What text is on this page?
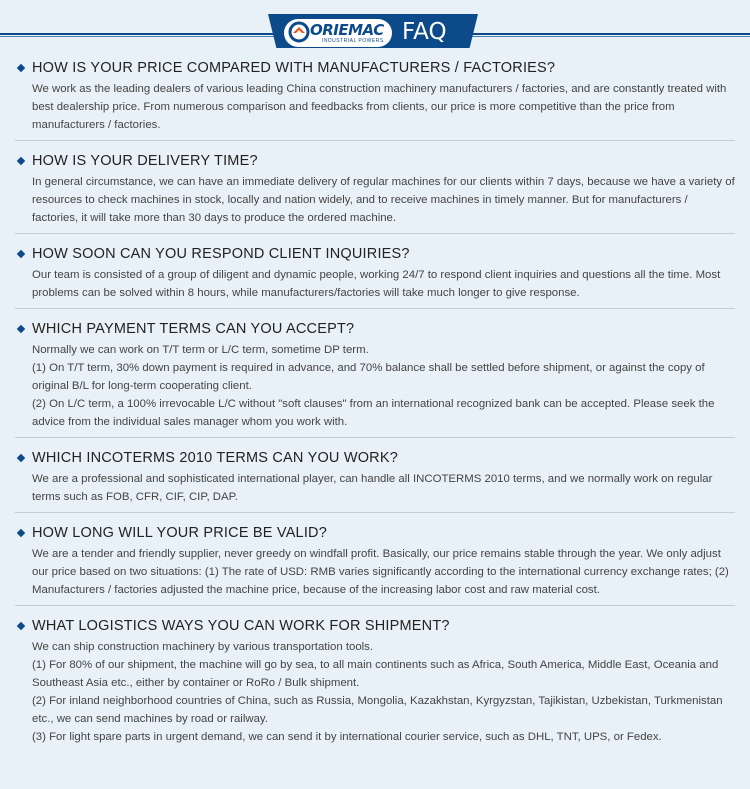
ORIEMAC
INDUSTRIAL POWERS FAQ
HOW IS YOUR PRICE COMPARED WITH MANUFACTURERS / FACTORIES?

We work as the leading dealers of various leading China construction machinery manufacturers / factories, and are constantly treated with best dealership price. From numerous comparison and feedbacks from clients, our price is more competitive than the price from manufacturers / factories.

HOW IS YOUR DELIVERY TIME?

In general circumstance, we can have an immediate delivery of regular machines for our clients within 7 days, because we have a variety of resources to check machines in stock, locally and nation widely, and to receive machines in timely manner. But for manufacturers / factories, it will take more than 30 days to produce the ordered machine.

HOW SOON CAN YOU RESPOND CLIENT INQUIRIES?

Our team is consisted of a group of diligent and dynamic people, working 24/7 to respond client inquiries and questions all the time. Most problems can be solved within 8 hours, while manufacturers/factories will take much longer to give response.

WHICH PAYMENT TERMS CAN YOU ACCEPT?

Normally we can work on T/T term or L/C term, sometime DP term.

(1) On T/T term, 30% down payment is required in advance, and 70% balance shall be settled before shipment, or against the copy of original B/L for long-term cooperating client.

(2) On L/C term, a 100% irrevocable L/C without "soft clauses" from an international recognized bank can be accepted. Please seek the advice from the individual sales manager whom you work with.

WHICH INCOTERMS 2010 TERMS CAN YOU WORK?

We are a professional and sophisticated international player, can handle all INCOTERMS 2010 terms, and we normally work on regular terms such as FOB, CFR, CIF, CIP, DAP.

HOW LONG WILL YOUR PRICE BE VALID?

We are a tender and friendly supplier, never greedy on windfall profit. Basically, our price remains stable through the year. We only adjust our price based on two situations: (1) The rate of USD: RMB varies significantly according to the international currency exchange rates; (2) Manufacturers / factories adjusted the machine price, because of the increasing labor cost and raw material cost.

WHAT LOGISTICS WAYS YOU CAN WORK FOR SHIPMENT?

We can ship construction machinery by various transportation tools.

(1) For 80% of our shipment, the machine will go by sea, to all main continents such as Africa, South America, Middle East, Oceania and Southeast Asia etc., either by container or RoRo / Bulk shipment.

(2) For inland neighborhood countries of China, such as Russia, Mongolia, Kazakhstan, Kyrgyzstan, Tajikistan, Uzbekistan, Turkmenistan etc., we can send machines by road or railway.

(3) For light spare parts in urgent demand, we can send it by international courier service, such as DHL, TNT, UPS, or Fedex.
